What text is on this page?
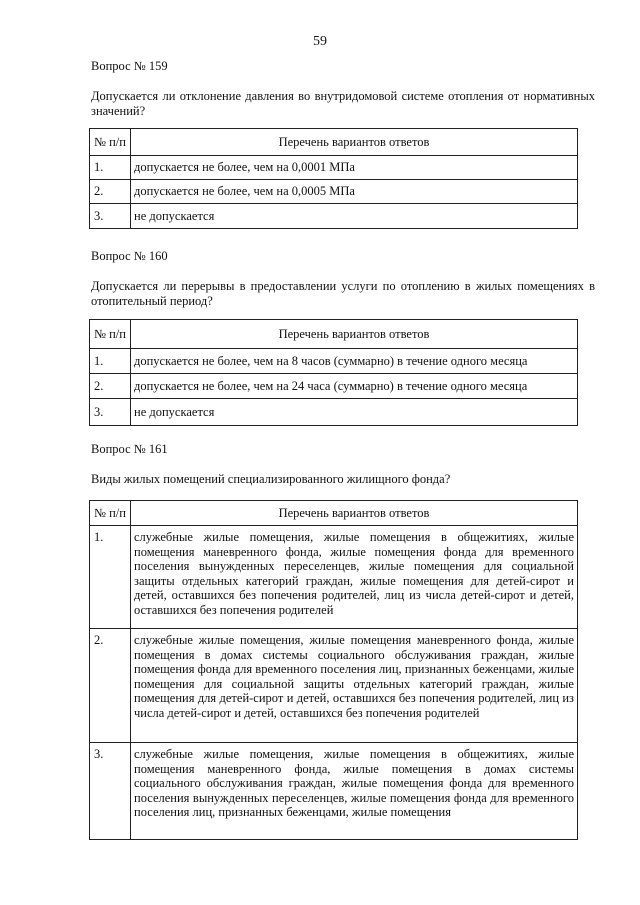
59
Вопрос № 159
Допускается ли отклонение давления во внутридомовой системе отопления от нормативных значений?
№ п/п	Перечень вариантов ответов
1.	допускается не более, чем на 0,0001 МПа
2.	допускается не более, чем на 0,0005 МПа
3.	не допускается
Вопрос № 160
Допускается ли перерывы в предоставлении услуги по отоплению в жилых помещениях в отопительный период?
№ п/п	Перечень вариантов ответов
1.	допускается не более, чем на 8 часов (суммарно) в течение одного месяца
2.	допускается не более, чем на 24 часа (суммарно) в течение одного месяца
3.	не допускается
Вопрос № 161
Виды жилых помещений специализированного жилищного фонда?
№ п/п	Перечень вариантов ответов
1.	служебные жилые помещения, жилые помещения в общежитиях, жилые помещения маневренного фонда, жилые помещения фонда для временного поселения вынужденных переселенцев, жилые помещения для социальной защиты отдельных категорий граждан, жилые помещения для детей-сирот и детей, оставшихся без попечения родителей, лиц из числа детей-сирот и детей, оставшихся без попечения родителей
2.	служебные жилые помещения, жилые помещения маневренного фонда, жилые помещения в домах системы социального обслуживания граждан, жилые помещения фонда для временного поселения лиц, признанных беженцами, жилые помещения для социальной защиты отдельных категорий граждан, жилые помещения для детей-сирот и детей, оставшихся без попечения родителей, лиц из числа детей-сирот и детей, оставшихся без попечения родителей
3.	служебные жилые помещения, жилые помещения в общежитиях, жилые помещения маневренного фонда, жилые помещения в домах системы социального обслуживания граждан, жилые помещения фонда для временного поселения вынужденных переселенцев, жилые помещения фонда для временного поселения лиц, признанных беженцами, жилые помещения
